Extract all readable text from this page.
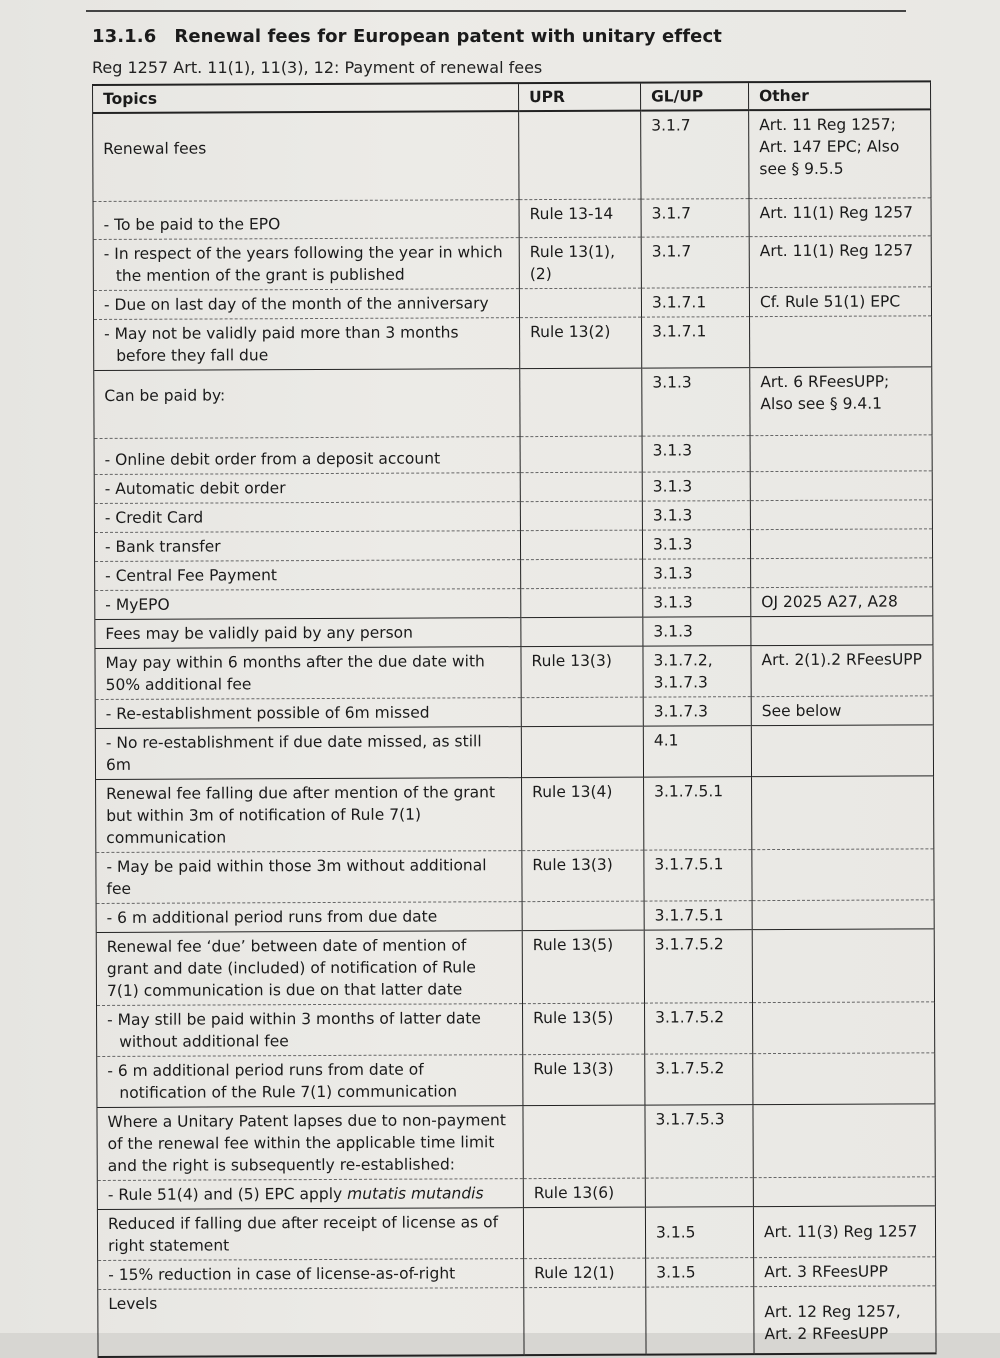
13.1.6 Renewal fees for European patent with unitary effect
Reg 1257 Art. 11(1), 11(3), 12: Payment of renewal fees
Topics	UPR	GL/UP	Other
Renewal fees		3.1.7	Art. 11 Reg 1257; Art. 147 EPC; Also see § 9.5.5
- To be paid to the EPO	Rule 13-14	3.1.7	Art. 11(1) Reg 1257

- In respect of the years following the year in which the mention of the grant is published	Rule 13(1), (2)	3.1.7	Art. 11(1) Reg 1257
- Due on last day of the month of the anniversary		3.1.7.1	Cf. Rule 51(1) EPC

- May not be validly paid more than 3 months before they fall due	Rule 13(2)	3.1.7.1	
Can be paid by:		3.1.3	Art. 6 RFeesUPP; Also see § 9.4.1
- Online debit order from a deposit account		3.1.3	
- Automatic debit order		3.1.3	
- Credit Card		3.1.3	
- Bank transfer		3.1.3	
- Central Fee Payment		3.1.3	
- MyEPO		3.1.3	OJ 2025 A27, A28
Fees may be validly paid by any person		3.1.3	
May pay within 6 months after the due date with 50% additional fee	Rule 13(3)	3.1.7.2, 3.1.7.3	Art. 2(1).2 RFeesUPP
- Re-establishment possible of 6m missed		3.1.7.3	See below
- No re-establishment if due date missed, as still 6m		4.1	
Renewal fee falling due after mention of the grant but within 3m of notification of Rule 7(1) communication	Rule 13(4)	3.1.7.5.1	
- May be paid within those 3m without additional fee	Rule 13(3)	3.1.7.5.1	
- 6 m additional period runs from due date		3.1.7.5.1	
Renewal fee ‘due’ between date of mention of grant and date (included) of notification of Rule 7(1) communication is due on that latter date	Rule 13(5)	3.1.7.5.2	

- May still be paid within 3 months of latter date without additional fee	Rule 13(5)	3.1.7.5.2	

- 6 m additional period runs from date of notification of the Rule 7(1) communication	Rule 13(3)	3.1.7.5.2	
Where a Unitary Patent lapses due to non-payment of the renewal fee within the applicable time limit and the right is subsequently re-established:		3.1.7.5.3	
- Rule 51(4) and (5) EPC apply mutatis mutandis	Rule 13(6)		
Reduced if falling due after receipt of license as of right statement		3.1.5	Art. 11(3) Reg 1257
- 15% reduction in case of license-as-of-right	Rule 12(1)	3.1.5	Art. 3 RFeesUPP
Levels			Art. 12 Reg 1257, Art. 2 RFeesUPP
